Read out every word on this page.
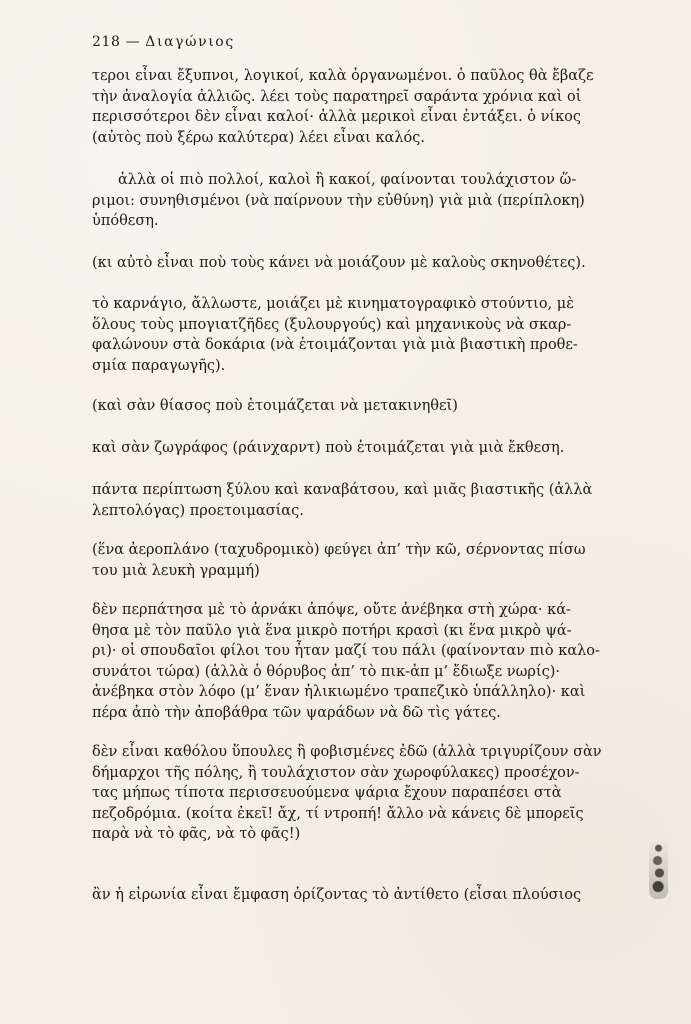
218 — Διαγώνιος
τεροι εἶναι ἔξυπνοι, λογικοί, καλὰ ὀργανωμένοι. ὁ παῦλος θὰ ἔβαζε
τὴν ἀναλογία ἀλλιῶς. λέει τοὺς παρατηρεῖ σαράντα χρόνια καὶ οἱ
περισσότεροι δὲν εἶναι καλοί· ἀλλὰ μερικοὶ εἶναι ἐντάξει. ὁ νίκος
(αὐτὸς ποὺ ξέρω καλύτερα) λέει εἶναι καλός.
ἀλλὰ οἱ πιὸ πολλοί, καλοὶ ἢ κακοί, φαίνονται τουλάχιστον ὥ-
ριμοι: συνηθισμένοι (νὰ παίρνουν τὴν εὐθύνη) γιὰ μιὰ (περίπλοκη)
ὑπόθεση.
(κι αὐτὸ εἶναι ποὺ τοὺς κάνει νὰ μοιάζουν μὲ καλοὺς σκηνοθέτες).
τὸ καρνάγιο, ἄλλωστε, μοιάζει μὲ κινηματογραφικὸ στούντιο, μὲ
ὅλους τοὺς μπογιατζῆδες (ξυλουργούς) καὶ μηχανικοὺς νὰ σκαρ-
φαλώνουν στὰ δοκάρια (νὰ ἑτοιμάζονται γιὰ μιὰ βιαστικὴ προθε-
σμία παραγωγῆς).
(καὶ σὰν θίασος ποὺ ἑτοιμάζεται νὰ μετακινηθεῖ)
καὶ σὰν ζωγράφος (ράινχαρντ) ποὺ ἑτοιμάζεται γιὰ μιὰ ἔκθεση.
πάντα περίπτωση ξύλου καὶ καναβάτσου, καὶ μιᾶς βιαστικῆς (ἀλλὰ
λεπτολόγας) προετοιμασίας.
(ἕνα ἀεροπλάνο (ταχυδρομικὸ) φεύγει ἀπ’ τὴν κῶ, σέρνοντας πίσω
του μιὰ λευκὴ γραμμή)
δὲν περπάτησα μὲ τὸ ἀρνάκι ἀπόψε, οὔτε ἀνέβηκα στὴ χώρα· κά-
θησα μὲ τὸν παῦλο γιὰ ἕνα μικρὸ ποτήρι κρασὶ (κι ἕνα μικρὸ ψά-
ρι)· οἱ σπουδαῖοι φίλοι του ἦταν μαζί του πάλι (φαίνονταν πιὸ καλο-
συνάτοι τώρα) (ἀλλὰ ὁ θόρυβος ἀπ’ τὸ πικ-ἀπ μ’ ἔδιωξε νωρίς)·
ἀνέβηκα στὸν λόφο (μ’ ἕναν ἡλικιωμένο τραπεζικὸ ὑπάλληλο)· καὶ
πέρα ἀπὸ τὴν ἀποβάθρα τῶν ψαράδων νὰ δῶ τὶς γάτες.
δὲν εἶναι καθόλου ὕπουλες ἢ φοβισμένες ἐδῶ (ἀλλὰ τριγυρίζουν σὰν
δήμαρχοι τῆς πόλης, ἢ τουλάχιστον σὰν χωροφύλακες) προσέχον-
τας μήπως τίποτα περισσευούμενα ψάρια ἔχουν παραπέσει στὰ
πεζοδρόμια. (κοίτα ἐκεῖ! ἄχ, τί ντροπή! ἄλλο νὰ κάνεις δὲ μπορεῖς
παρὰ νὰ τὸ φᾶς, νὰ τὸ φᾶς!)
ἂν ἡ εἰρωνία εἶναι ἔμφαση ὁρίζοντας τὸ ἀντίθετο (εἶσαι πλούσιος
